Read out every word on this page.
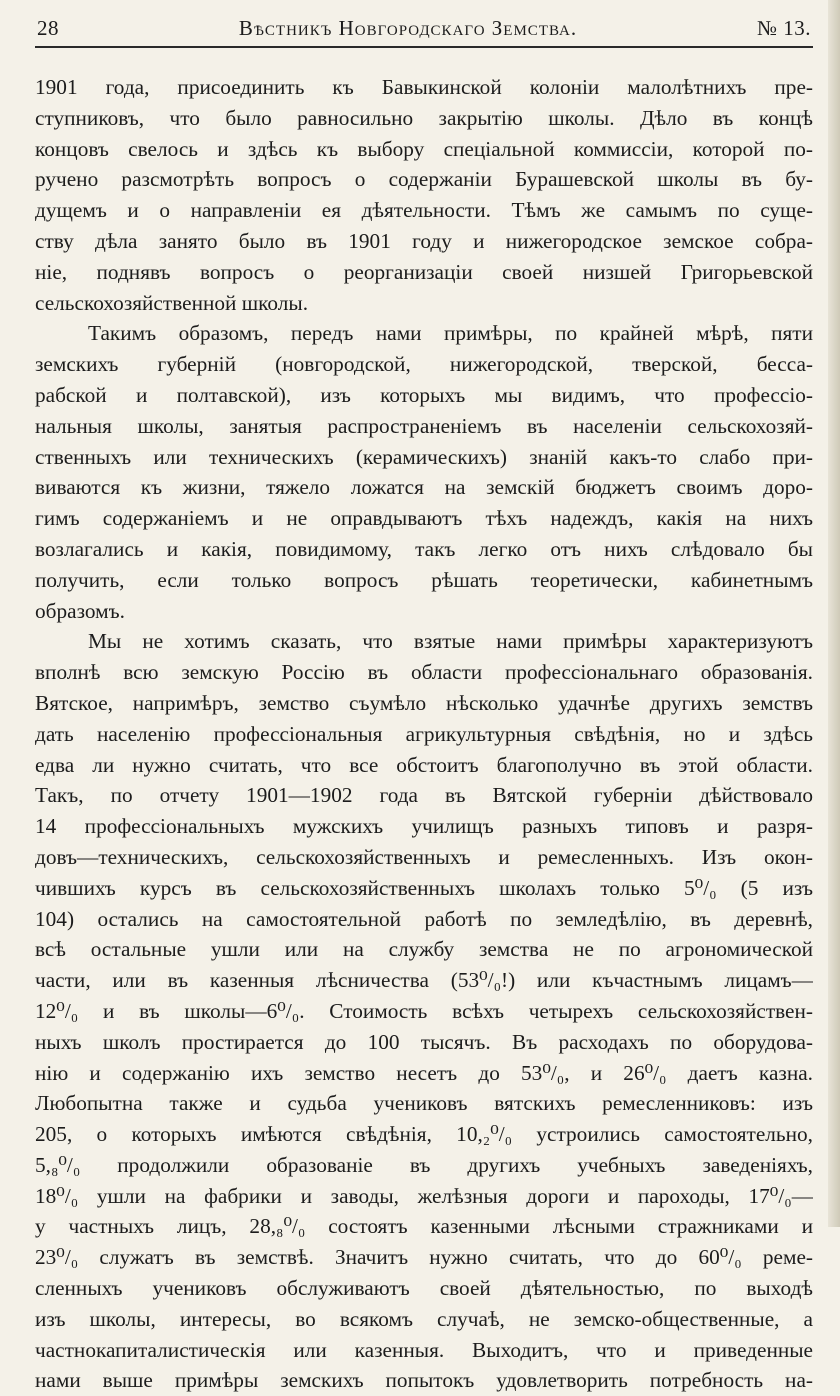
28	Вѣстникъ Новгородскаго Земства.	№ 13.
1901 года, присоединить къ Бавыкинской колоніи малолѣтнихъ пре-
ступниковъ, что было равносильно закрытію школы. Дѣло въ концѣ
концовъ свелось и здѣсь къ выбору спеціальной коммиссіи, которой по-
ручено разсмотрѣть вопросъ о содержаніи Бурашевской школы въ бу-
дущемъ и о направленіи ея дѣятельности. Тѣмъ же самымъ по суще-
ству дѣла занято было въ 1901 году и нижегородское земское собра-
ніе, поднявъ вопросъ о реорганизаціи своей низшей Григорьевской
сельскохозяйственной школы.
Такимъ образомъ, передъ нами примѣры, по крайней мѣрѣ, пяти
земскихъ губерній (новгородской, нижегородской, тверской, бесса-
рабской и полтавской), изъ которыхъ мы видимъ, что профессіо-
нальныя школы, занятыя распространеніемъ въ населеніи сельскохозяй-
ственныхъ или техническихъ (керамическихъ) знаній какъ-то слабо при-
виваются къ жизни, тяжело ложатся на земскій бюджетъ своимъ доро-
гимъ содержаніемъ и не оправдываютъ тѣхъ надеждъ, какія на нихъ
возлагались и какія, повидимому, такъ легко отъ нихъ слѣдовало бы
получить, если только вопросъ рѣшать теоретически, кабинетнымъ
образомъ.
Мы не хотимъ сказать, что взятые нами примѣры характеризуютъ
вполнѣ всю земскую Россію въ области профессіональнаго образованія.
Вятское, напримѣръ, земство съумѣло нѣсколько удачнѣе другихъ земствъ
дать населенію профессіональныя агрикультурныя свѣдѣнія, но и здѣсь
едва ли нужно считать, что все обстоитъ благополучно въ этой области.
Такъ, по отчету 1901—1902 года въ Вятской губерніи дѣйствовало
14 профессіональныхъ мужскихъ училищъ разныхъ типовъ и разря-
довъ—техническихъ, сельскохозяйственныхъ и ремесленныхъ. Изъ окон-
чившихъ курсъ въ сельскохозяйственныхъ школахъ только 5⁰/₀ (5 изъ
104) остались на самостоятельной работѣ по земледѣлію, въ деревнѣ,
всѣ остальные ушли или на службу земства не по агрономической
части, или въ казенныя лѣсничества (53⁰/₀!) или къчастнымъ лицамъ—
12⁰/₀ и въ школы—6⁰/₀. Стоимость всѣхъ четырехъ сельскохозяйствен-
ныхъ школъ простирается до 100 тысячъ. Въ расходахъ по оборудова-
нію и содержанію ихъ земство несетъ до 53⁰/₀, и 26⁰/₀ даетъ казна.
Любопытна также и судьба учениковъ вятскихъ ремесленниковъ: изъ
205, о которыхъ имѣются свѣдѣнія, 10,₂⁰/₀ устроились самостоятельно,
5,₈⁰/₀ продолжили образованіе въ другихъ учебныхъ заведеніяхъ,
18⁰/₀ ушли на фабрики и заводы, желѣзныя дороги и пароходы, 17⁰/₀—
у частныхъ лицъ, 28,₈⁰/₀ состоятъ казенными лѣсными стражниками и
23⁰/₀ служатъ въ земствѣ. Значитъ нужно считать, что до 60⁰/₀ реме-
сленныхъ учениковъ обслуживаютъ своей дѣятельностью, по выходѣ
изъ школы, интересы, во всякомъ случаѣ, не земско-общественные, а
частнокапиталистическія или казенныя. Выходитъ, что и приведенные
нами выше примѣры земскихъ попытокъ удовлетворить потребность на-
